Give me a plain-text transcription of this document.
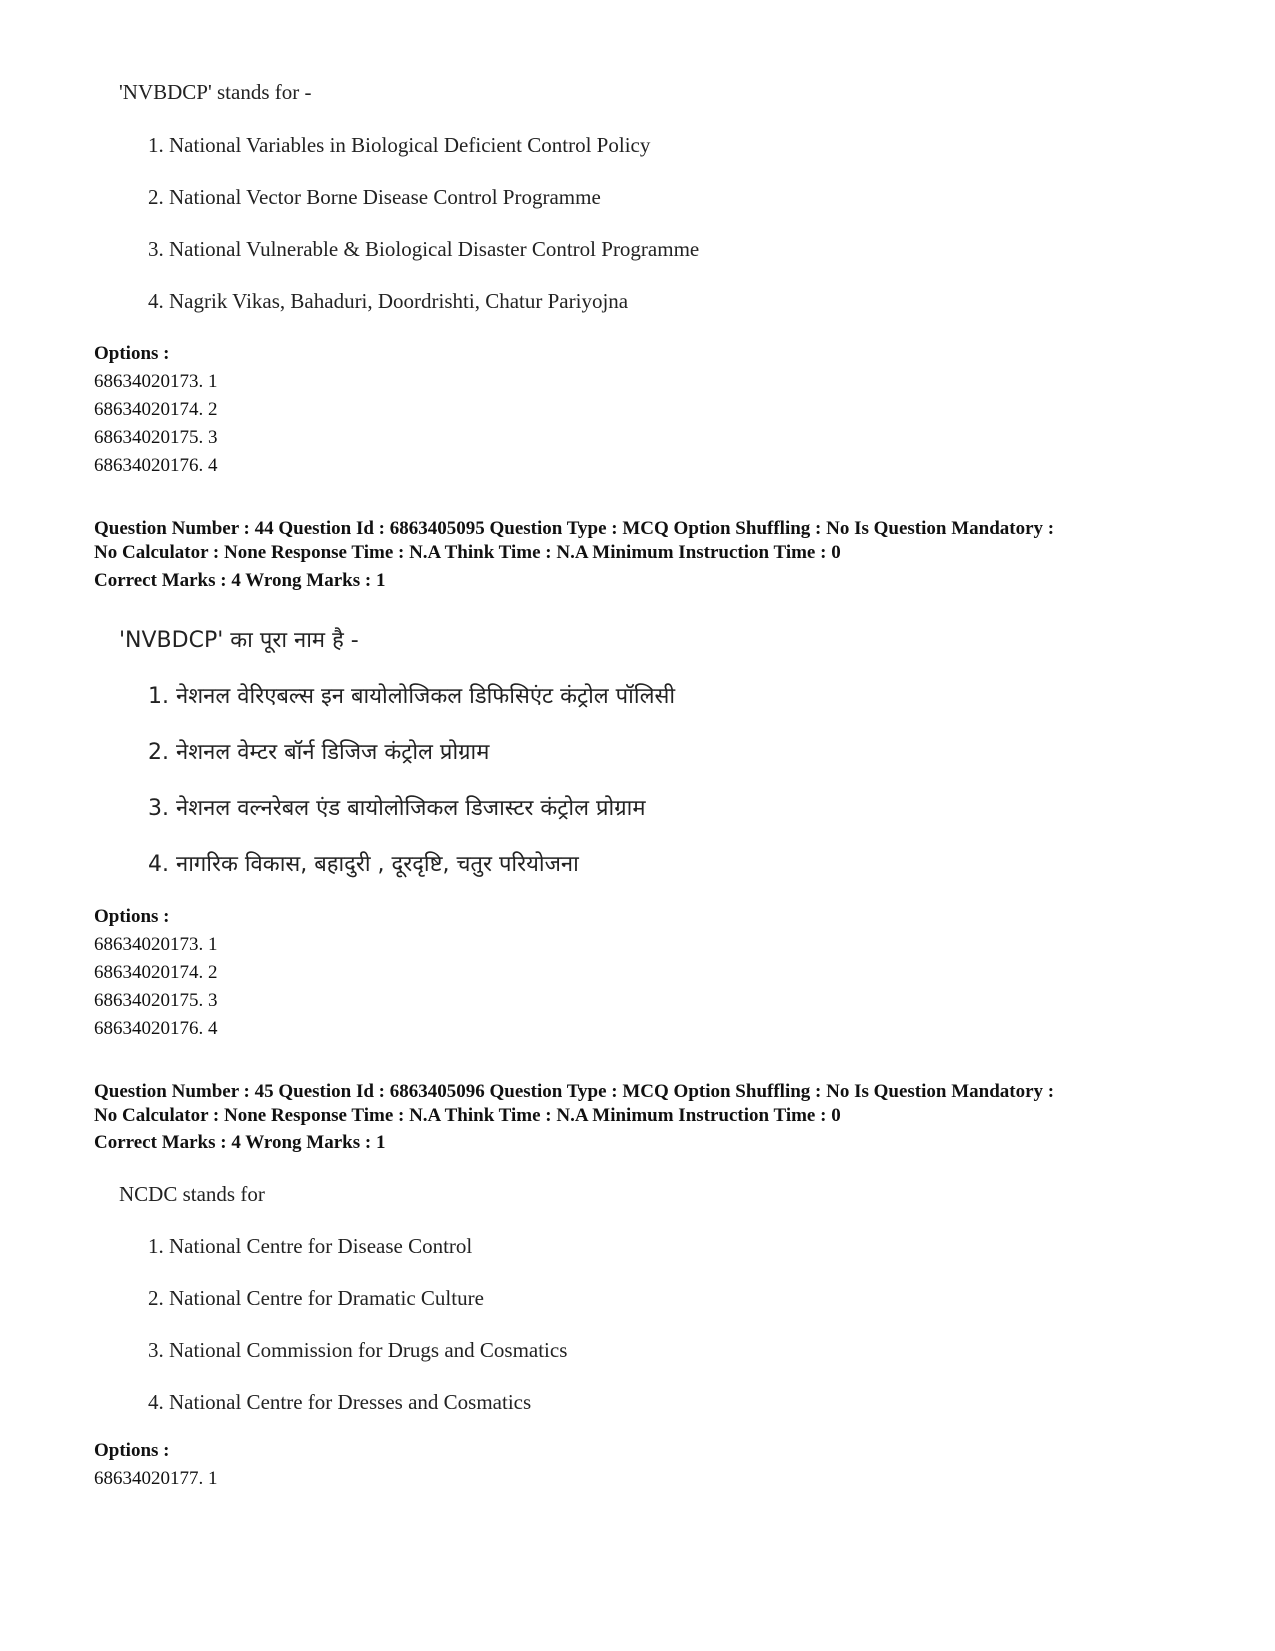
'NVBDCP' stands for -
1. National Variables in Biological Deficient Control Policy
2. National Vector Borne Disease Control Programme
3. National Vulnerable & Biological Disaster Control Programme
4. Nagrik Vikas, Bahaduri, Doordrishti, Chatur Pariyojna
Options :
68634020173. 1
68634020174. 2
68634020175. 3
68634020176. 4
Question Number : 44 Question Id : 6863405095 Question Type : MCQ Option Shuffling : No Is Question Mandatory :
No Calculator : None Response Time : N.A Think Time : N.A Minimum Instruction Time : 0
Correct Marks : 4 Wrong Marks : 1
'NVBDCP' का पूरा नाम है -
1. नेशनल वेरिएबल्स इन बायोलोजिकल डिफिसिएंट कंट्रोल पॉलिसी
2. नेशनल वेम्टर बॉर्न डिजिज कंट्रोल प्रोग्राम
3. नेशनल वल्नरेबल एंड बायोलोजिकल डिजास्टर कंट्रोल प्रोग्राम
4. नागरिक विकास, बहादुरी , दूरदृष्टि, चतुर परियोजना
Options :
68634020173. 1
68634020174. 2
68634020175. 3
68634020176. 4
Question Number : 45 Question Id : 6863405096 Question Type : MCQ Option Shuffling : No Is Question Mandatory :
No Calculator : None Response Time : N.A Think Time : N.A Minimum Instruction Time : 0
Correct Marks : 4 Wrong Marks : 1
NCDC stands for
1. National Centre for Disease Control
2. National Centre for Dramatic Culture
3. National Commission for Drugs and Cosmatics
4. National Centre for Dresses and Cosmatics
Options :
68634020177. 1
